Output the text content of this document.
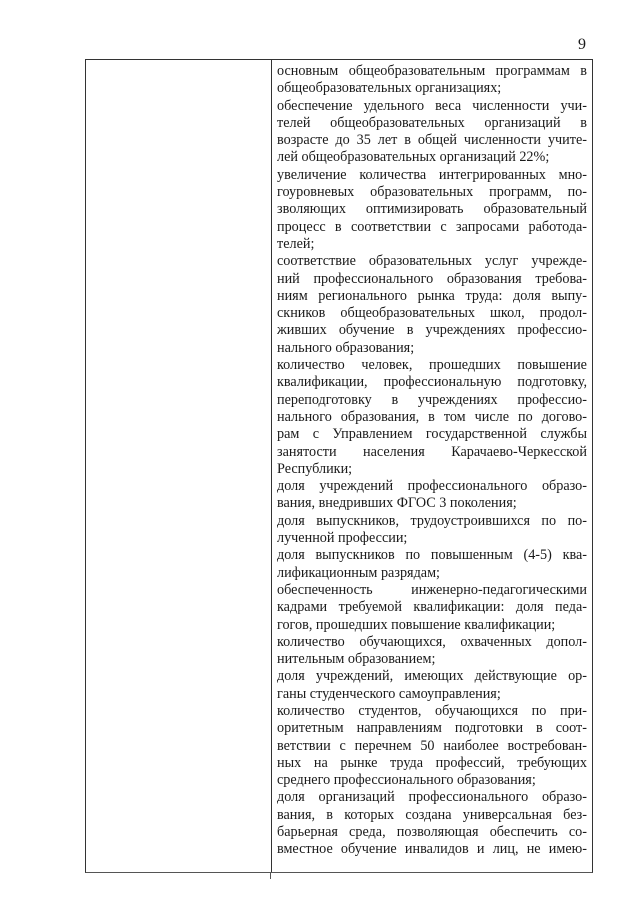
9
основным общеобразовательным программам в
общеобразовательных организациях;
обеспечение удельного веса численности учи-
телей общеобразовательных организаций в
возрасте до 35 лет в общей численности учите-
лей общеобразовательных организаций 22%;
увеличение количества интегрированных мно-
гоуровневых образовательных программ, по-
зволяющих оптимизировать образовательный
процесс в соответствии с запросами работода-
телей;
соответствие образовательных услуг учрежде-
ний профессионального образования требова-
ниям регионального рынка труда: доля выпу-
скников общеобразовательных школ, продол-
живших обучение в учреждениях профессио-
нального образования;
количество человек, прошедших повышение
квалификации, профессиональную подготовку,
переподготовку в учреждениях профессио-
нального образования, в том числе по догово-
рам с Управлением государственной службы
занятости населения Карачаево-Черкесской
Республики;
доля учреждений профессионального образо-
вания, внедривших ФГОС 3 поколения;
доля выпускников, трудоустроившихся по по-
лученной профессии;
доля выпускников по повышенным (4-5) ква-
лификационным разрядам;
обеспеченность инженерно-педагогическими
кадрами требуемой квалификации: доля педа-
гогов, прошедших повышение квалификации;
количество обучающихся, охваченных допол-
нительным образованием;
доля учреждений, имеющих действующие ор-
ганы студенческого самоуправления;
количество студентов, обучающихся по при-
оритетным направлениям подготовки в соот-
ветствии с перечнем 50 наиболее востребован-
ных на рынке труда профессий, требующих
среднего профессионального образования;
доля организаций профессионального образо-
вания, в которых создана универсальная без-
барьерная среда, позволяющая обеспечить со-
вместное обучение инвалидов и лиц, не имею-
